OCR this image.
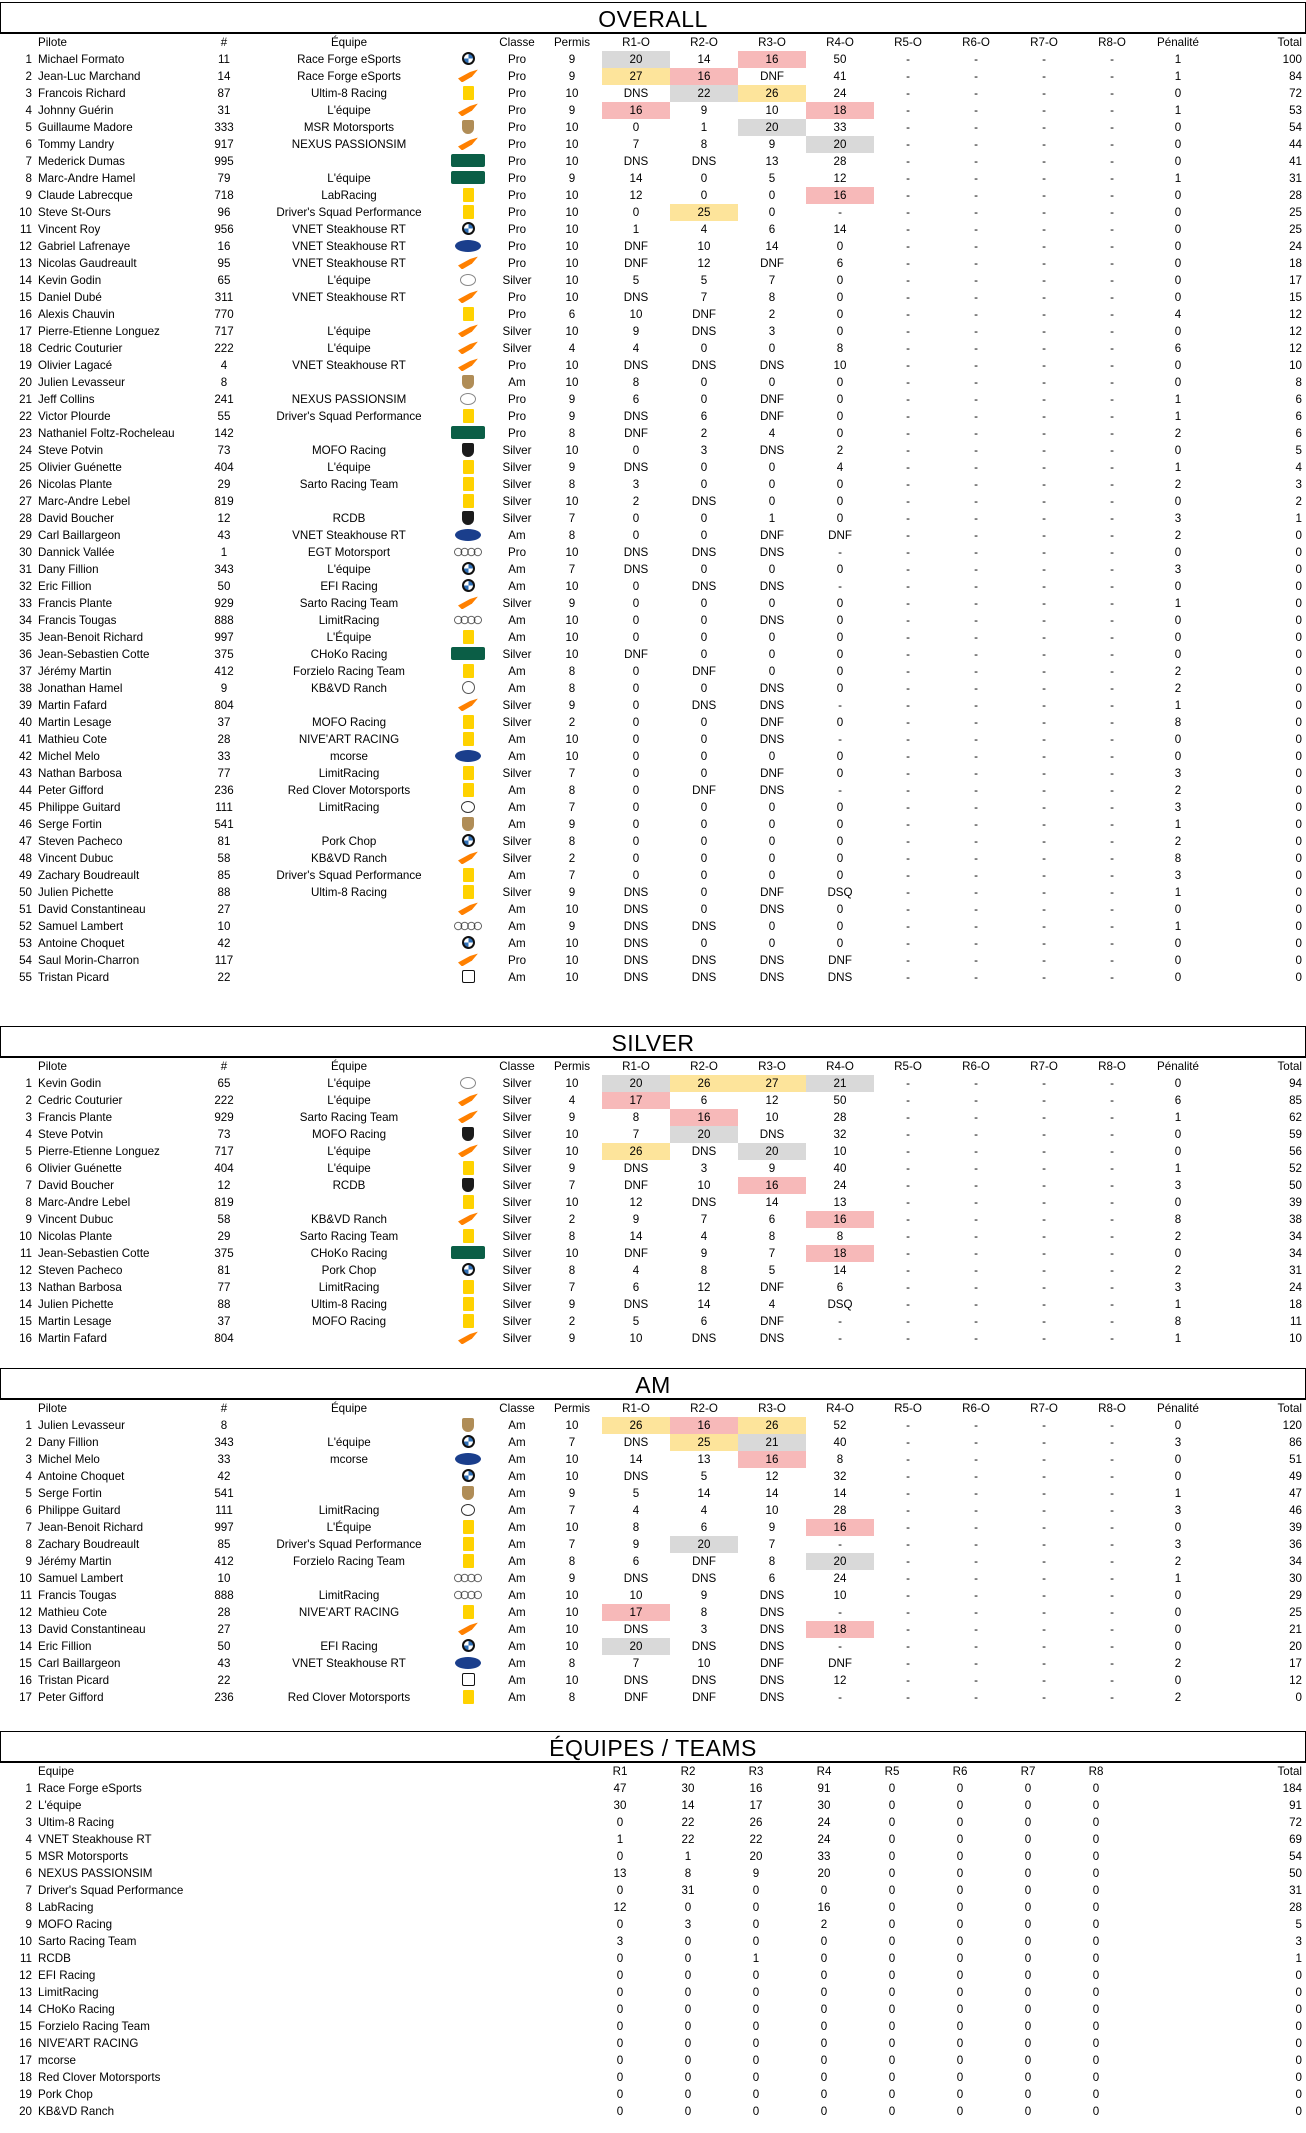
OVERALL
	Pilote	#	Équipe		Classe	Permis	R1-O	R2-O	R3-O	R4-O	R5-O	R6-O	R7-O	R8-O	Pénalité	Total
1	Michael Formato	11	Race Forge eSports		Pro	9	20	14	16	50	-	-	-	-	1	100
2	Jean-Luc Marchand	14	Race Forge eSports		Pro	9	27	16	DNF	41	-	-	-	-	1	84
3	Francois Richard	87	Ultim-8 Racing		Pro	10	DNS	22	26	24	-	-	-	-	0	72
4	Johnny Guérin	31	L'équipe		Pro	9	16	9	10	18	-	-	-	-	1	53
5	Guillaume Madore	333	MSR Motorsports		Pro	10	0	1	20	33	-	-	-	-	0	54
6	Tommy Landry	917	NEXUS PASSIONSIM		Pro	10	7	8	9	20	-	-	-	-	0	44
7	Mederick Dumas	995			Pro	10	DNS	DNS	13	28	-	-	-	-	0	41
8	Marc-Andre Hamel	79	L'équipe		Pro	9	14	0	5	12	-	-	-	-	1	31
9	Claude Labrecque	718	LabRacing		Pro	10	12	0	0	16	-	-	-	-	0	28
10	Steve St-Ours	96	Driver's Squad Performance		Pro	10	0	25	0	-	-	-	-	-	0	25
11	Vincent Roy	956	VNET Steakhouse RT		Pro	10	1	4	6	14	-	-	-	-	0	25
12	Gabriel Lafrenaye	16	VNET Steakhouse RT		Pro	10	DNF	10	14	0	-	-	-	-	0	24
13	Nicolas Gaudreault	95	VNET Steakhouse RT		Pro	10	DNF	12	DNF	6	-	-	-	-	0	18
14	Kevin Godin	65	L'équipe		Silver	10	5	5	7	0	-	-	-	-	0	17
15	Daniel Dubé	311	VNET Steakhouse RT		Pro	10	DNS	7	8	0	-	-	-	-	0	15
16	Alexis Chauvin	770			Pro	6	10	DNF	2	0	-	-	-	-	4	12
17	Pierre-Etienne Longuez	717	L'équipe		Silver	10	9	DNS	3	0	-	-	-	-	0	12
18	Cedric Couturier	222	L'équipe		Silver	4	4	0	0	8	-	-	-	-	6	12
19	Olivier Lagacé	4	VNET Steakhouse RT		Pro	10	DNS	DNS	DNS	10	-	-	-	-	0	10
20	Julien Levasseur	8			Am	10	8	0	0	0	-	-	-	-	0	8
21	Jeff Collins	241	NEXUS PASSIONSIM		Pro	9	6	0	DNF	0	-	-	-	-	1	6
22	Victor Plourde	55	Driver's Squad Performance		Pro	9	DNS	6	DNF	0	-	-	-	-	1	6
23	Nathaniel Foltz-Rocheleau	142			Pro	8	DNF	2	4	0	-	-	-	-	2	6
24	Steve Potvin	73	MOFO Racing		Silver	10	0	3	DNS	2	-	-	-	-	0	5
25	Olivier Guénette	404	L'équipe		Silver	9	DNS	0	0	4	-	-	-	-	1	4
26	Nicolas Plante	29	Sarto Racing Team		Silver	8	3	0	0	0	-	-	-	-	2	3
27	Marc-Andre Lebel	819			Silver	10	2	DNS	0	0	-	-	-	-	0	2
28	David Boucher	12	RCDB		Silver	7	0	0	1	0	-	-	-	-	3	1
29	Carl Baillargeon	43	VNET Steakhouse RT		Am	8	0	0	DNF	DNF	-	-	-	-	2	0
30	Dannick Vallée	1	EGT Motorsport		Pro	10	DNS	DNS	DNS	-	-	-	-	-	0	0
31	Dany Fillion	343	L'équipe		Am	7	DNS	0	0	0	-	-	-	-	3	0
32	Eric Fillion	50	EFI Racing		Am	10	0	DNS	DNS	-	-	-	-	-	0	0
33	Francis Plante	929	Sarto Racing Team		Silver	9	0	0	0	0	-	-	-	-	1	0
34	Francis Tougas	888	LimitRacing		Am	10	0	0	DNS	0	-	-	-	-	0	0
35	Jean-Benoit Richard	997	L'Équipe		Am	10	0	0	0	0	-	-	-	-	0	0
36	Jean-Sebastien Cotte	375	CHoKo Racing		Silver	10	DNF	0	0	0	-	-	-	-	0	0
37	Jérémy Martin	412	Forzielo Racing Team		Am	8	0	DNF	0	0	-	-	-	-	2	0
38	Jonathan Hamel	9	KB&VD Ranch		Am	8	0	0	DNS	0	-	-	-	-	2	0
39	Martin Fafard	804			Silver	9	0	DNS	DNS	-	-	-	-	-	1	0
40	Martin Lesage	37	MOFO Racing		Silver	2	0	0	DNF	0	-	-	-	-	8	0
41	Mathieu Cote	28	NIVE'ART RACING		Am	10	0	0	DNS	-	-	-	-	-	0	0
42	Michel Melo	33	mcorse		Am	10	0	0	0	0	-	-	-	-	0	0
43	Nathan Barbosa	77	LimitRacing		Silver	7	0	0	DNF	0	-	-	-	-	3	0
44	Peter Gifford	236	Red Clover Motorsports		Am	8	0	DNF	DNS	-	-	-	-	-	2	0
45	Philippe Guitard	111	LimitRacing		Am	7	0	0	0	0	-	-	-	-	3	0
46	Serge Fortin	541			Am	9	0	0	0	0	-	-	-	-	1	0
47	Steven Pacheco	81	Pork Chop		Silver	8	0	0	0	0	-	-	-	-	2	0
48	Vincent Dubuc	58	KB&VD Ranch		Silver	2	0	0	0	0	-	-	-	-	8	0
49	Zachary Boudreault	85	Driver's Squad Performance		Am	7	0	0	0	0	-	-	-	-	3	0
50	Julien Pichette	88	Ultim-8 Racing		Silver	9	DNS	0	DNF	DSQ	-	-	-	-	1	0
51	David Constantineau	27			Am	10	DNS	0	DNS	0	-	-	-	-	0	0
52	Samuel Lambert	10			Am	9	DNS	DNS	0	0	-	-	-	-	1	0
53	Antoine Choquet	42			Am	10	DNS	0	0	0	-	-	-	-	0	0
54	Saul Morin-Charron	117			Pro	10	DNS	DNS	DNS	DNF	-	-	-	-	0	0
55	Tristan Picard	22			Am	10	DNS	DNS	DNS	DNS	-	-	-	-	0	0
SILVER
	Pilote	#	Équipe		Classe	Permis	R1-O	R2-O	R3-O	R4-O	R5-O	R6-O	R7-O	R8-O	Pénalité	Total
1	Kevin Godin	65	L'équipe		Silver	10	20	26	27	21	-	-	-	-	0	94
2	Cedric Couturier	222	L'équipe		Silver	4	17	6	12	50	-	-	-	-	6	85
3	Francis Plante	929	Sarto Racing Team		Silver	9	8	16	10	28	-	-	-	-	1	62
4	Steve Potvin	73	MOFO Racing		Silver	10	7	20	DNS	32	-	-	-	-	0	59
5	Pierre-Etienne Longuez	717	L'équipe		Silver	10	26	DNS	20	10	-	-	-	-	0	56
6	Olivier Guénette	404	L'équipe		Silver	9	DNS	3	9	40	-	-	-	-	1	52
7	David Boucher	12	RCDB		Silver	7	DNF	10	16	24	-	-	-	-	3	50
8	Marc-Andre Lebel	819			Silver	10	12	DNS	14	13	-	-	-	-	0	39
9	Vincent Dubuc	58	KB&VD Ranch		Silver	2	9	7	6	16	-	-	-	-	8	38
10	Nicolas Plante	29	Sarto Racing Team		Silver	8	14	4	8	8	-	-	-	-	2	34
11	Jean-Sebastien Cotte	375	CHoKo Racing		Silver	10	DNF	9	7	18	-	-	-	-	0	34
12	Steven Pacheco	81	Pork Chop		Silver	8	4	8	5	14	-	-	-	-	2	31
13	Nathan Barbosa	77	LimitRacing		Silver	7	6	12	DNF	6	-	-	-	-	3	24
14	Julien Pichette	88	Ultim-8 Racing		Silver	9	DNS	14	4	DSQ	-	-	-	-	1	18
15	Martin Lesage	37	MOFO Racing		Silver	2	5	6	DNF	-	-	-	-	-	8	11
16	Martin Fafard	804			Silver	9	10	DNS	DNS	-	-	-	-	-	1	10
AM
	Pilote	#	Équipe		Classe	Permis	R1-O	R2-O	R3-O	R4-O	R5-O	R6-O	R7-O	R8-O	Pénalité	Total
1	Julien Levasseur	8			Am	10	26	16	26	52	-	-	-	-	0	120
2	Dany Fillion	343	L'équipe		Am	7	DNS	25	21	40	-	-	-	-	3	86
3	Michel Melo	33	mcorse		Am	10	14	13	16	8	-	-	-	-	0	51
4	Antoine Choquet	42			Am	10	DNS	5	12	32	-	-	-	-	0	49
5	Serge Fortin	541			Am	9	5	14	14	14	-	-	-	-	1	47
6	Philippe Guitard	111	LimitRacing		Am	7	4	4	10	28	-	-	-	-	3	46
7	Jean-Benoit Richard	997	L'Équipe		Am	10	8	6	9	16	-	-	-	-	0	39
8	Zachary Boudreault	85	Driver's Squad Performance		Am	7	9	20	7	-	-	-	-	-	3	36
9	Jérémy Martin	412	Forzielo Racing Team		Am	8	6	DNF	8	20	-	-	-	-	2	34
10	Samuel Lambert	10			Am	9	DNS	DNS	6	24	-	-	-	-	1	30
11	Francis Tougas	888	LimitRacing		Am	10	10	9	DNS	10	-	-	-	-	0	29
12	Mathieu Cote	28	NIVE'ART RACING		Am	10	17	8	DNS	-	-	-	-	-	0	25
13	David Constantineau	27			Am	10	DNS	3	DNS	18	-	-	-	-	0	21
14	Eric Fillion	50	EFI Racing		Am	10	20	DNS	DNS	-	-	-	-	-	0	20
15	Carl Baillargeon	43	VNET Steakhouse RT		Am	8	7	10	DNF	DNF	-	-	-	-	2	17
16	Tristan Picard	22			Am	10	DNS	DNS	DNS	12	-	-	-	-	0	12
17	Peter Gifford	236	Red Clover Motorsports		Am	8	DNF	DNF	DNS	-	-	-	-	-	2	0
ÉQUIPES / TEAMS
	Equipe	R1	R2	R3	R4	R5	R6	R7	R8	Total
1	Race Forge eSports	47	30	16	91	0	0	0	0	184
2	L'équipe	30	14	17	30	0	0	0	0	91
3	Ultim-8 Racing	0	22	26	24	0	0	0	0	72
4	VNET Steakhouse RT	1	22	22	24	0	0	0	0	69
5	MSR Motorsports	0	1	20	33	0	0	0	0	54
6	NEXUS PASSIONSIM	13	8	9	20	0	0	0	0	50
7	Driver's Squad Performance	0	31	0	0	0	0	0	0	31
8	LabRacing	12	0	0	16	0	0	0	0	28
9	MOFO Racing	0	3	0	2	0	0	0	0	5
10	Sarto Racing Team	3	0	0	0	0	0	0	0	3
11	RCDB	0	0	1	0	0	0	0	0	1
12	EFI Racing	0	0	0	0	0	0	0	0	0
13	LimitRacing	0	0	0	0	0	0	0	0	0
14	CHoKo Racing	0	0	0	0	0	0	0	0	0
15	Forzielo Racing Team	0	0	0	0	0	0	0	0	0
16	NIVE'ART RACING	0	0	0	0	0	0	0	0	0
17	mcorse	0	0	0	0	0	0	0	0	0
18	Red Clover Motorsports	0	0	0	0	0	0	0	0	0
19	Pork Chop	0	0	0	0	0	0	0	0	0
20	KB&VD Ranch	0	0	0	0	0	0	0	0	0
